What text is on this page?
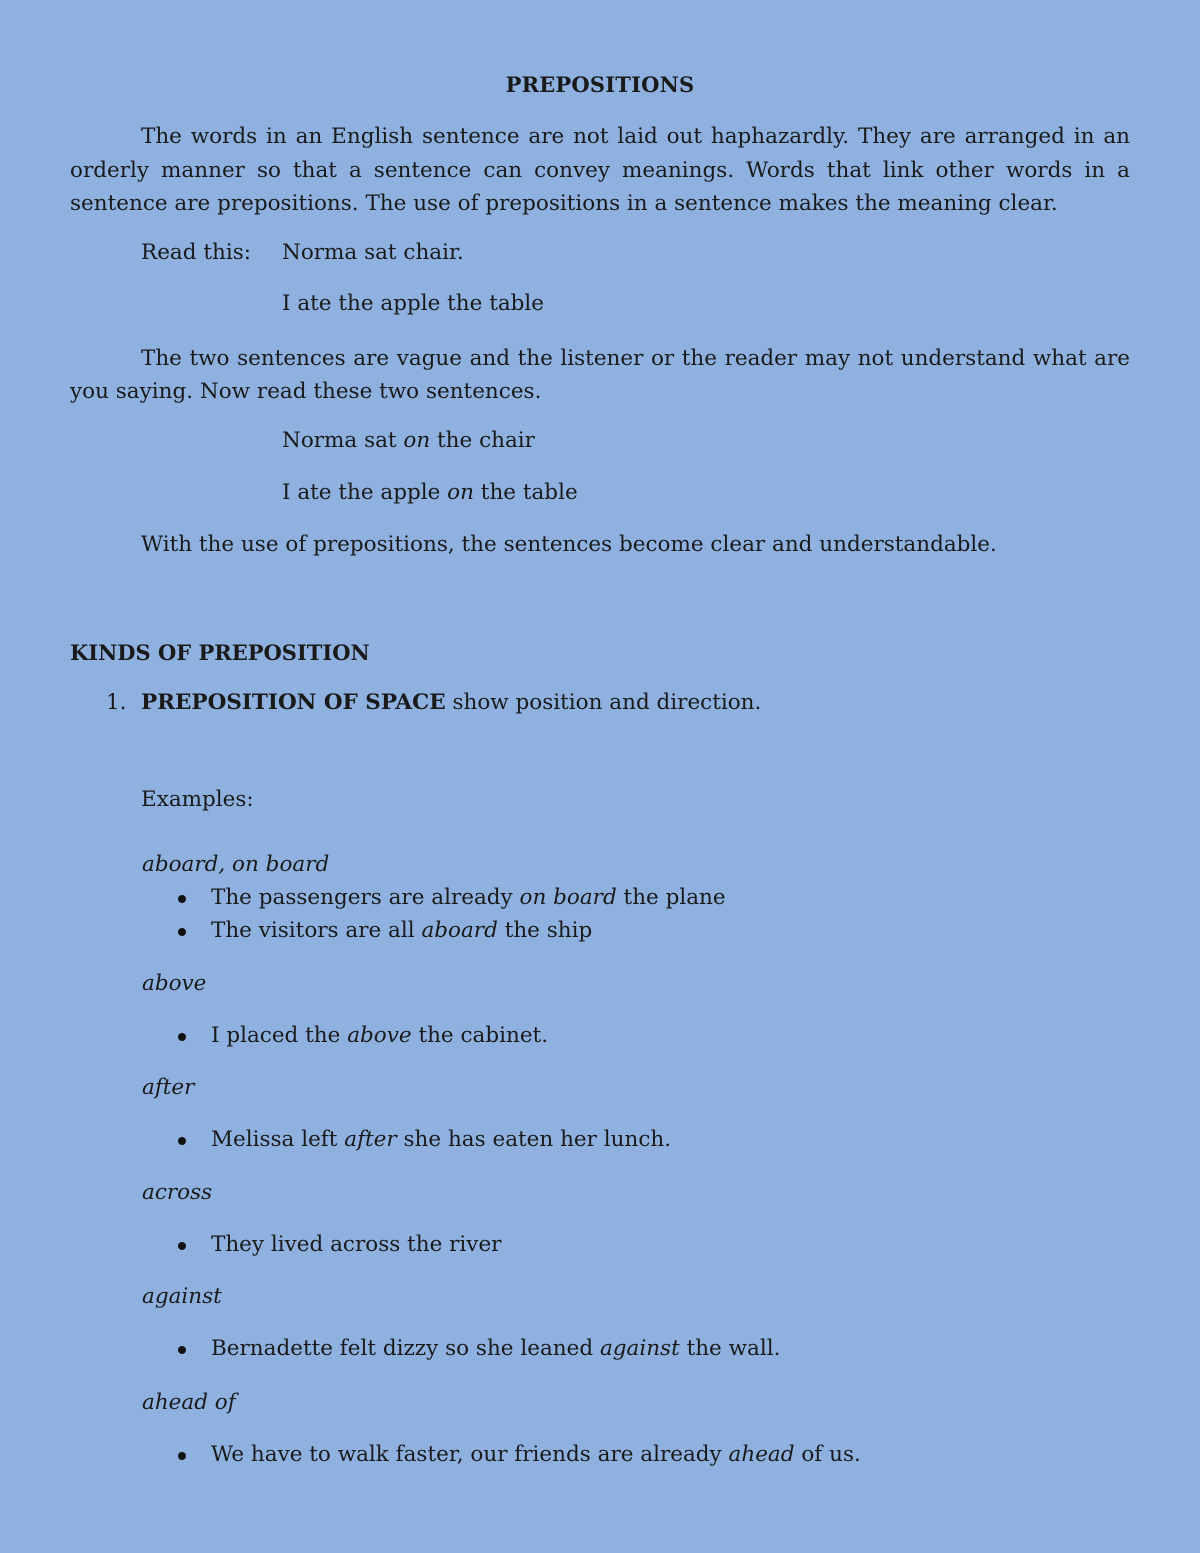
PREPOSITIONS

The words in an English sentence are not laid out haphazardly. They are arranged in an orderly manner so that a sentence can convey meanings. Words that link other words in a sentence are prepositions. The use of prepositions in a sentence makes the meaning clear.

Read this: Norma sat chair.

I ate the apple the table

The two sentences are vague and the listener or the reader may not understand what are you saying. Now read these two sentences.

Norma sat on the chair

I ate the apple on the table

With the use of prepositions, the sentences become clear and understandable.

KINDS OF PREPOSITION

1. PREPOSITION OF SPACE show position and direction.

Examples:

aboard, on board

The passengers are already on board the plane
The visitors are all aboard the ship

above

I placed the above the cabinet.

after

Melissa left after she has eaten her lunch.

across

They lived across the river

against

Bernadette felt dizzy so she leaned against the wall.

ahead of

We have to walk faster, our friends are already ahead of us.
